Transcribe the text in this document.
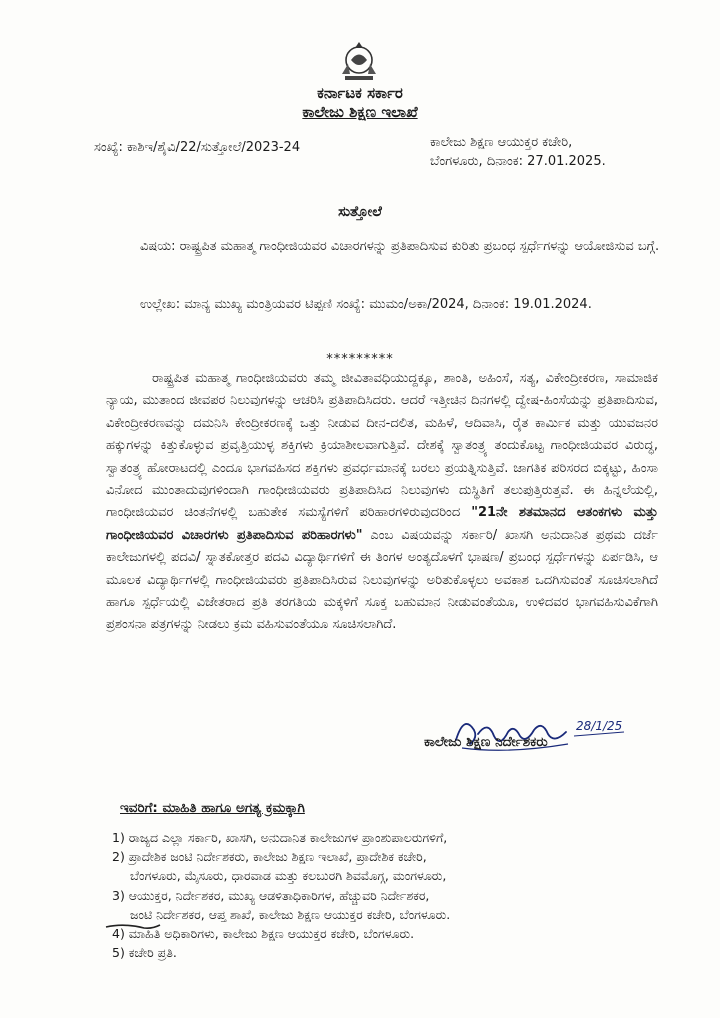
ಕರ್ನಾಟಕ ಸರ್ಕಾರ
ಕಾಲೇಜು ಶಿಕ್ಷಣ ಇಲಾಖೆ
ಸಂಖ್ಯೆ: ಕಾಶಿಇ/ಶೈವಿ/22/ಸುತ್ತೋಲೆ/2023-24	ಕಾಲೇಜು ಶಿಕ್ಷಣ ಆಯುಕ್ತರ ಕಚೇರಿ,
ಬೆಂಗಳೂರು, ದಿನಾಂಕ: 27.01.2025.
ಸುತ್ತೋಲೆ
ವಿಷಯ: ರಾಷ್ಟ್ರಪಿತ ಮಹಾತ್ಮ ಗಾಂಧೀಜಿಯವರ ವಿಚಾರಗಳನ್ನು ಪ್ರತಿಪಾದಿಸುವ ಕುರಿತು ಪ್ರಬಂಧ ಸ್ಪರ್ಧೆಗಳನ್ನು ಆಯೋಜಿಸುವ ಬಗ್ಗೆ.
ಉಲ್ಲೇಖ: ಮಾನ್ಯ ಮುಖ್ಯ ಮಂತ್ರಿಯವರ ಟಿಪ್ಪಣಿ ಸಂಖ್ಯೆ: ಮುಮಂ/ಅಕಾ/2024, ದಿನಾಂಕ: 19.01.2024.
*********
ರಾಷ್ಟ್ರಪಿತ ಮಹಾತ್ಮ ಗಾಂಧೀಜಿಯವರು ತಮ್ಮ ಜೀವಿತಾವಧಿಯುದ್ದಕ್ಕೂ, ಶಾಂತಿ, ಅಹಿಂಸೆ, ಸತ್ಯ, ವಿಕೇಂದ್ರೀಕರಣ, ಸಾಮಾಜಿಕ ನ್ಯಾಯ, ಮುತಾಂದ ಜೀವಪರ ನಿಲುವುಗಳನ್ನು ಆಚರಿಸಿ ಪ್ರತಿಪಾದಿಸಿದರು. ಆದರೆ ಇತ್ತೀಚಿನ ದಿನಗಳಲ್ಲಿ ದ್ವೇಷ-ಹಿಂಸೆಯನ್ನು ಪ್ರತಿಪಾದಿಸುವ, ವಿಕೇಂದ್ರೀಕರಣವನ್ನು ದಮನಿಸಿ ಕೇಂದ್ರೀಕರಣಕ್ಕೆ ಒತ್ತು ನೀಡುವ ದೀನ-ದಲಿತ, ಮಹಿಳೆ, ಆದಿವಾಸಿ, ರೈತ ಕಾರ್ಮಿಕ ಮತ್ತು ಯುವಜನರ ಹಕ್ಕುಗಳನ್ನು ಕಿತ್ತುಕೊಳ್ಳುವ ಪ್ರವೃತ್ತಿಯುಳ್ಳ ಶಕ್ತಿಗಳು ಕ್ರಿಯಾಶೀಲವಾಗುತ್ತಿವೆ. ದೇಶಕ್ಕೆ ಸ್ವಾತಂತ್ರ್ಯ ತಂದುಕೊಟ್ಟ ಗಾಂಧೀಜಿಯವರ ವಿರುದ್ಧ, ಸ್ವಾತಂತ್ರ್ಯ ಹೋರಾಟದಲ್ಲಿ ಎಂದೂ ಭಾಗವಹಿಸದ ಶಕ್ತಿಗಳು ಪ್ರವರ್ಧಮಾನಕ್ಕೆ ಬರಲು ಪ್ರಯತ್ನಿಸುತ್ತಿವೆ. ಜಾಗತಿಕ ಪರಿಸರದ ಬಿಕ್ಕಟ್ಟು, ಹಿಂಸಾ ವಿನೋದ ಮುಂತಾದುವುಗಳಿಂದಾಗಿ ಗಾಂಧೀಜಿಯವರು ಪ್ರತಿಪಾದಿಸಿದ ನಿಲುವುಗಳು ದುಸ್ಥಿತಿಗೆ ತಲುಪುತ್ತಿರುತ್ತವೆ. ಈ ಹಿನ್ನಲೆಯಲ್ಲಿ, ಗಾಂಧೀಜಿಯವರ ಚಿಂತನೆಗಳಲ್ಲಿ ಬಹುತೇಕ ಸಮಸ್ಯೆಗಳಿಗೆ ಪರಿಹಾರಗಳಿರುವುದರಿಂದ "21ನೇ ಶತಮಾನದ ಆತಂಕಗಳು ಮತ್ತು ಗಾಂಧೀಜಿಯವರ ವಿಚಾರಗಳು ಪ್ರತಿಪಾದಿಸುವ ಪರಿಹಾರಗಳು" ಎಂಬ ವಿಷಯವನ್ನು ಸರ್ಕಾರಿ/ ಖಾಸಗಿ ಅನುದಾನಿತ ಪ್ರಥಮ ದರ್ಜೆ ಕಾಲೇಜುಗಳಲ್ಲಿ ಪದವಿ/ ಸ್ನಾತಕೋತ್ತರ ಪದವಿ ವಿದ್ಯಾರ್ಥಿಗಳಿಗೆ ಈ ತಿಂಗಳ ಅಂತ್ಯದೊಳಗೆ ಭಾಷಣ/ ಪ್ರಬಂಧ ಸ್ಪರ್ಧೆಗಳನ್ನು ಏರ್ಪಡಿಸಿ, ಆ ಮೂಲಕ ವಿದ್ಯಾರ್ಥಿಗಳಲ್ಲಿ ಗಾಂಧೀಜಿಯವರು ಪ್ರತಿಪಾದಿಸಿರುವ ನಿಲುವುಗಳನ್ನು ಅರಿತುಕೊಳ್ಳಲು ಅವಕಾಶ ಒದಗಿಸುವಂತೆ ಸೂಚಿಸಲಾಗಿದೆ ಹಾಗೂ ಸ್ಪರ್ಧೆಯಲ್ಲಿ ವಿಜೇತರಾದ ಪ್ರತಿ ತರಗತಿಯ ಮಕ್ಕಳಿಗೆ ಸೂಕ್ತ ಬಹುಮಾನ ನೀಡುವಂತೆಯೂ, ಉಳಿದವರ ಭಾಗವಹಿಸುವಿಕೆಗಾಗಿ ಪ್ರಶಂಸನಾ ಪತ್ರಗಳನ್ನು ನೀಡಲು ಕ್ರಮ ವಹಿಸುವಂತೆಯೂ ಸೂಚಿಸಲಾಗಿದೆ.
28/1/25
ಕಾಲೇಜು ಶಿಕ್ಷಣ ನಿರ್ದೇಶಕರು
ಇವರಿಗೆ: ಮಾಹಿತಿ ಹಾಗೂ ಅಗತ್ಯ ಕ್ರಮಕ್ಕಾಗಿ
1) ರಾಜ್ಯದ ಎಲ್ಲಾ ಸರ್ಕಾರಿ, ಖಾಸಗಿ, ಅನುದಾನಿತ ಕಾಲೇಜುಗಳ ಪ್ರಾಂಶುಪಾಲರುಗಳಿಗೆ,
2) ಪ್ರಾದೇಶಿಕ ಜಂಟಿ ನಿರ್ದೇಶಕರು, ಕಾಲೇಜು ಶಿಕ್ಷಣ ಇಲಾಖೆ, ಪ್ರಾದೇಶಿಕ ಕಚೇರಿ,
ಬೆಂಗಳೂರು, ಮೈಸೂರು, ಧಾರವಾಡ ಮತ್ತು ಕಲಬುರಗಿ ಶಿವಮೊಗ್ಗ, ಮಂಗಳೂರು,
3) ಆಯುಕ್ತರ, ನಿರ್ದೇಶಕರ, ಮುಖ್ಯ ಆಡಳಿತಾಧಿಕಾರಿಗಳ, ಹೆಚ್ಚುವರಿ ನಿರ್ದೇಶಕರ,
ಜಂಟಿ ನಿರ್ದೇಶಕರ, ಆಪ್ತ ಶಾಖೆ, ಕಾಲೇಜು ಶಿಕ್ಷಣ ಆಯುಕ್ತರ ಕಚೇರಿ, ಬೆಂಗಳೂರು.
4) ಮಾಹಿತಿ ಅಧಿಕಾರಿಗಳು, ಕಾಲೇಜು ಶಿಕ್ಷಣ ಆಯುಕ್ತರ ಕಚೇರಿ, ಬೆಂಗಳೂರು.
5) ಕಚೇರಿ ಪ್ರತಿ.
